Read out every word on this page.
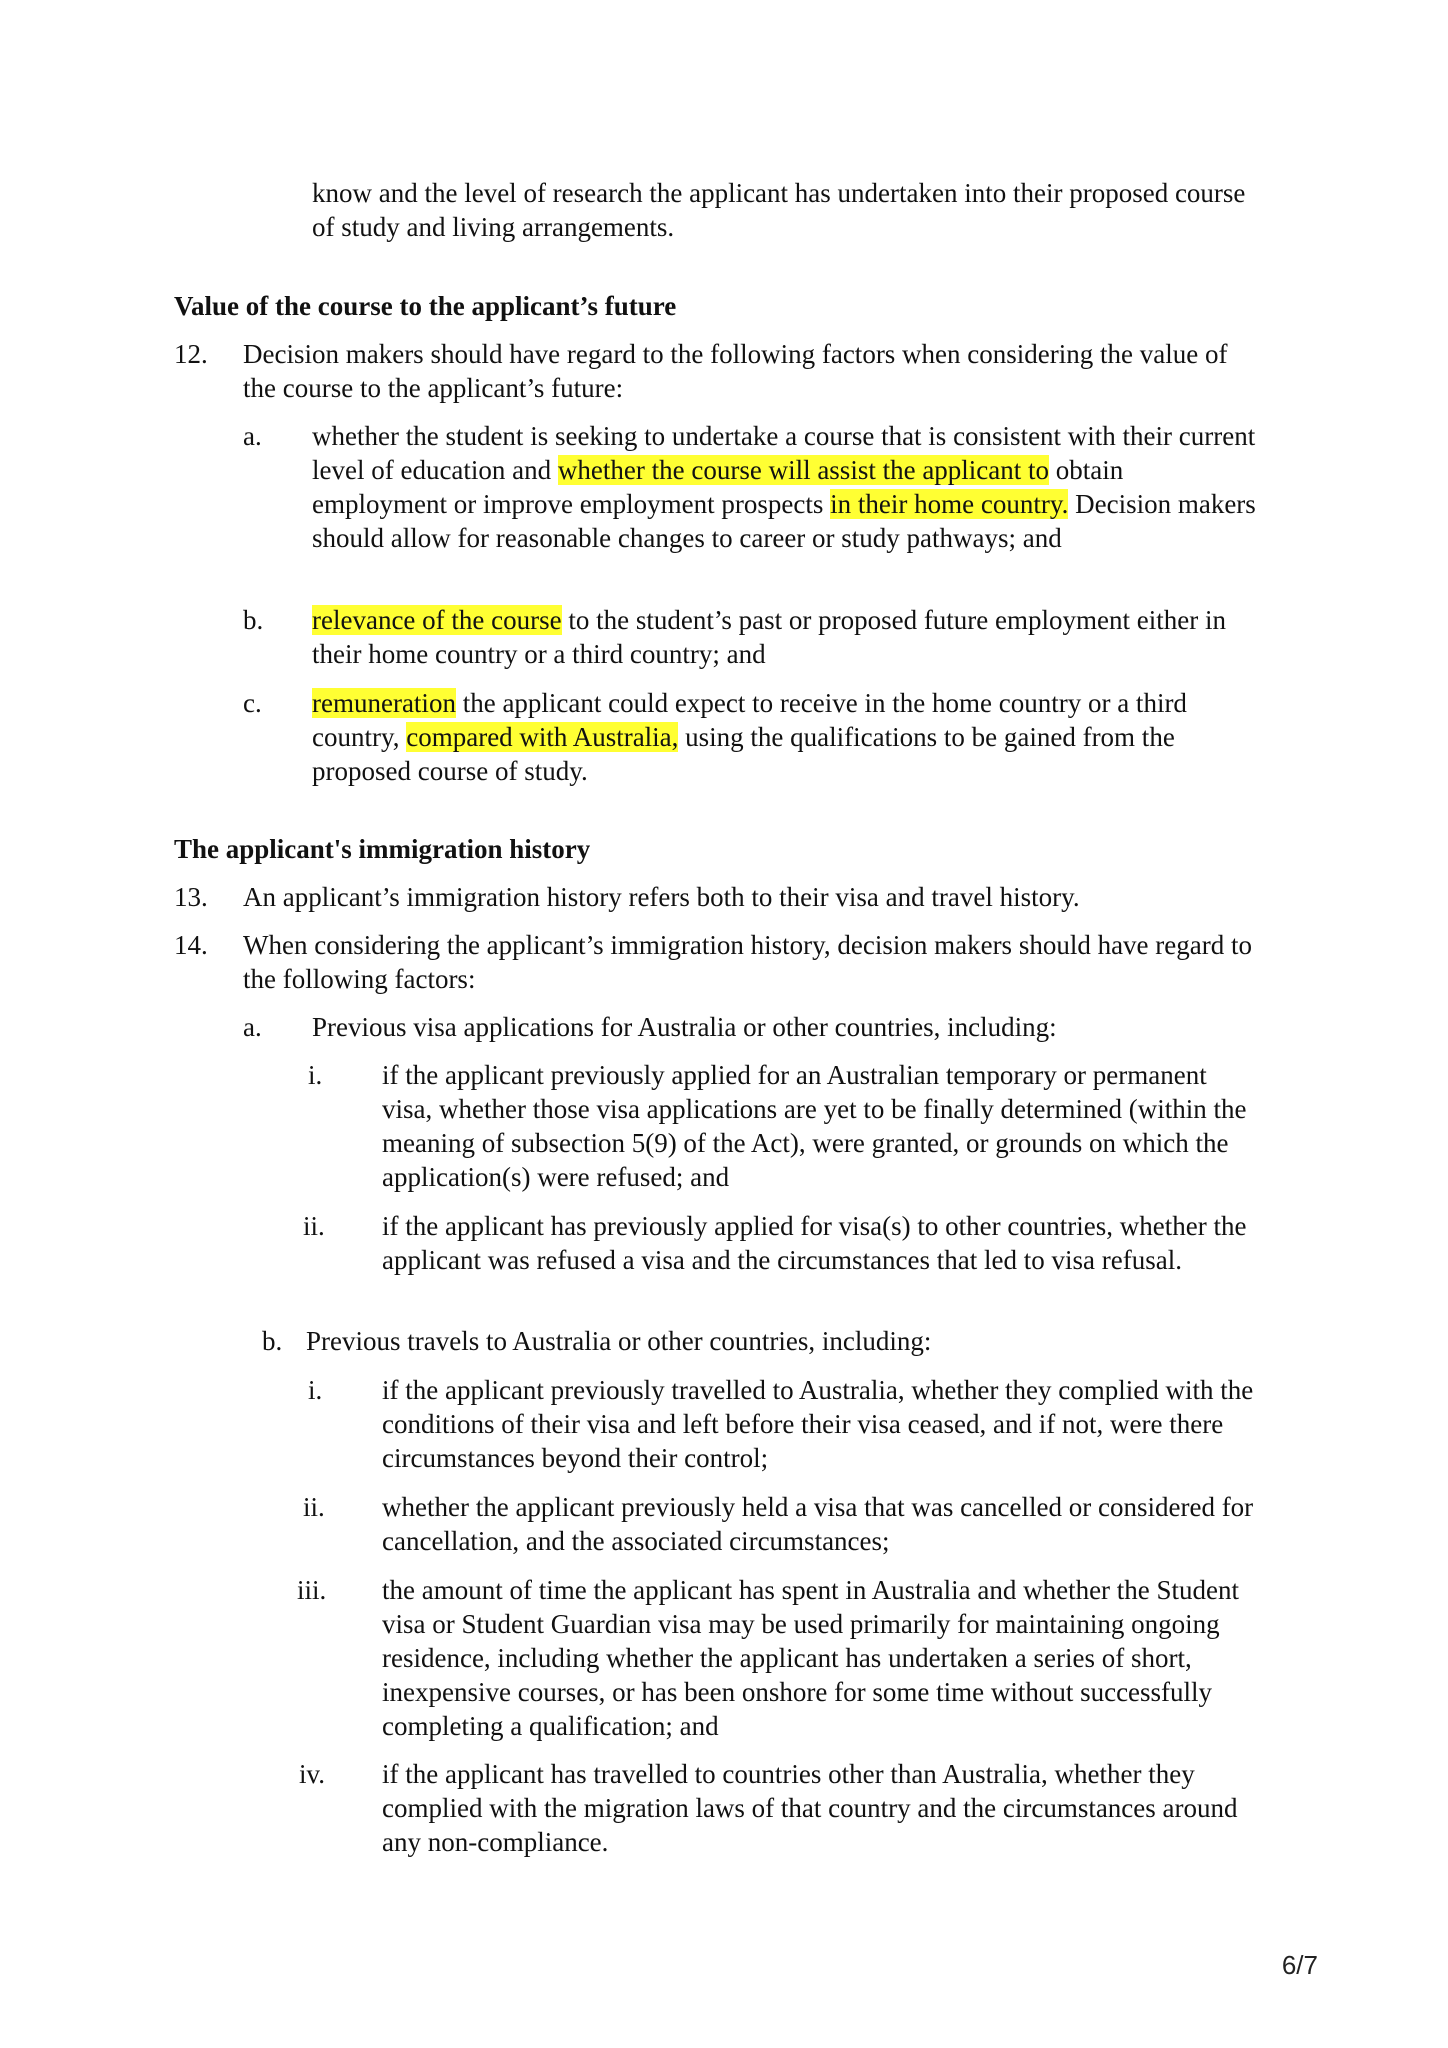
know and the level of research the applicant has undertaken into their proposed course of study and living arrangements.

Value of the course to the applicant’s future

12. Decision makers should have regard to the following factors when considering the value of the course to the applicant’s future:

a. whether the student is seeking to undertake a course that is consistent with their current level of education and whether the course will assist the applicant to obtain employment or improve employment prospects in their home country. Decision makers should allow for reasonable changes to career or study pathways; and

b. relevance of the course to the student’s past or proposed future employment either in their home country or a third country; and

c. remuneration the applicant could expect to receive in the home country or a third country, compared with Australia, using the qualifications to be gained from the proposed course of study.

The applicant's immigration history

13. An applicant’s immigration history refers both to their visa and travel history.

14. When considering the applicant’s immigration history, decision makers should have regard to the following factors:

a. Previous visa applications for Australia or other countries, including:

i. if the applicant previously applied for an Australian temporary or permanent visa, whether those visa applications are yet to be finally determined (within the meaning of subsection 5(9) of the Act), were granted, or grounds on which the application(s) were refused; and

ii. if the applicant has previously applied for visa(s) to other countries, whether the applicant was refused a visa and the circumstances that led to visa refusal.

b. Previous travels to Australia or other countries, including:

i. if the applicant previously travelled to Australia, whether they complied with the conditions of their visa and left before their visa ceased, and if not, were there circumstances beyond their control;

ii. whether the applicant previously held a visa that was cancelled or considered for cancellation, and the associated circumstances;

iii. the amount of time the applicant has spent in Australia and whether the Student visa or Student Guardian visa may be used primarily for maintaining ongoing residence, including whether the applicant has undertaken a series of short, inexpensive courses, or has been onshore for some time without successfully completing a qualification; and

iv. if the applicant has travelled to countries other than Australia, whether they complied with the migration laws of that country and the circumstances around any non-compliance.

6/7
